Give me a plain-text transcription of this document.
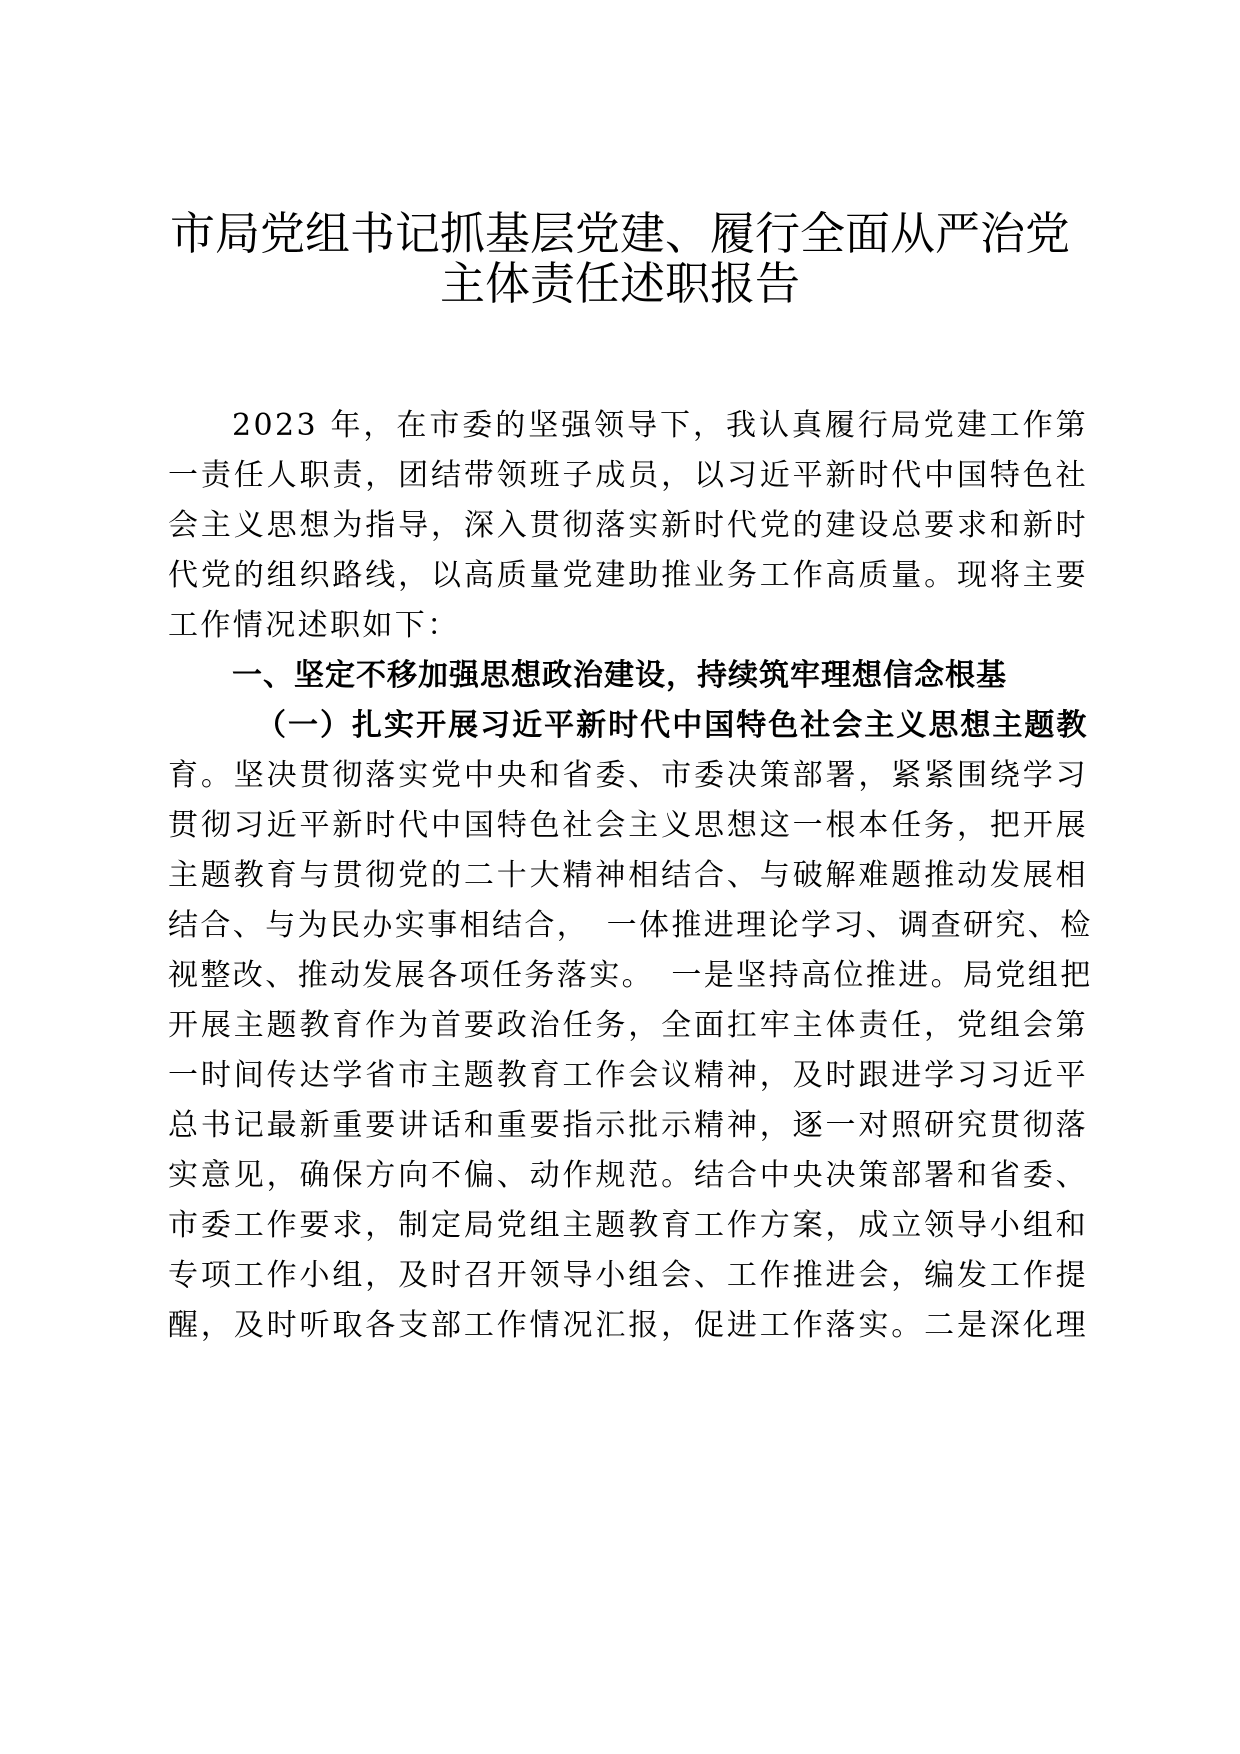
市局党组书记抓基层党建、履行全面从严治党
主体责任述职报告
2023 年，在市委的坚强领导下，我认真履行局党建工作第
一责任人职责，团结带领班子成员，以习近平新时代中国特色社
会主义思想为指导，深入贯彻落实新时代党的建设总要求和新时
代党的组织路线，以高质量党建助推业务工作高质量。现将主要
工作情况述职如下：
一、坚定不移加强思想政治建设，持续筑牢理想信念根基
（一）扎实开展习近平新时代中国特色社会主义思想主题教
育。坚决贯彻落实党中央和省委、市委决策部署，紧紧围绕学习
贯彻习近平新时代中国特色社会主义思想这一根本任务，把开展
主题教育与贯彻党的二十大精神相结合、与破解难题推动发展相
结合、与为民办实事相结合，　一体推进理论学习、调查研究、检
视整改、推动发展各项任务落实。　一是坚持高位推进。局党组把
开展主题教育作为首要政治任务，全面扛牢主体责任，党组会第
一时间传达学省市主题教育工作会议精神，及时跟进学习习近平
总书记最新重要讲话和重要指示批示精神，逐一对照研究贯彻落
实意见，确保方向不偏、动作规范。结合中央决策部署和省委、
市委工作要求，制定局党组主题教育工作方案，成立领导小组和
专项工作小组，及时召开领导小组会、工作推进会，编发工作提
醒，及时听取各支部工作情况汇报，促进工作落实。二是深化理
